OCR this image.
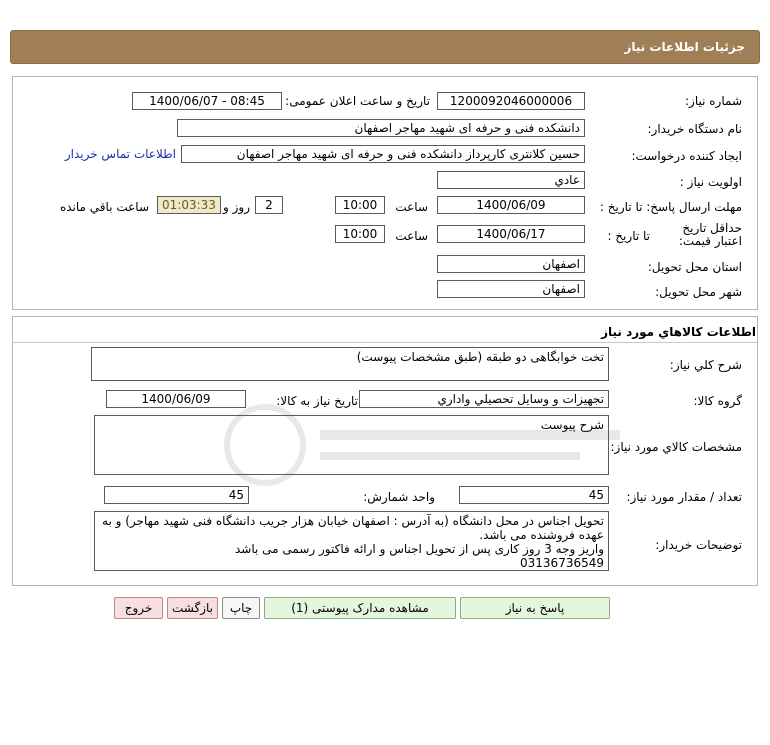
جزئیات اطلاعات نیاز
شماره نیاز:
1200092046000006
تاریخ و ساعت اعلان عمومی:
1400/06/07 - 08:45
نام دستگاه خریدار:
دانشکده فنی و حرفه ای شهید مهاجر اصفهان
ایجاد کننده درخواست:
حسین کلانتری کارپرداز دانشکده فنی و حرفه ای شهید مهاجر اصفهان
اطلاعات تماس خریدار
اولویت نیاز :
عادي
مهلت ارسال پاسخ: تا تاریخ :
1400/06/09
ساعت
10:00
2
روز و
01:03:33
ساعت باقي مانده
حداقل تاریخ اعتبار قیمت:
تا تاریخ :
1400/06/17
ساعت
10:00
استان محل تحویل:
اصفهان
شهر محل تحویل:
اصفهان
اطلاعات کالاهاي مورد نياز
شرح کلي نياز:
تخت خوابگاهی دو طبقه (طبق مشخصات پیوست)
گروه کالا:
تجهيزات و وسايل تحصيلي واداري
تاریخ نیاز به کالا:
1400/06/09
مشخصات کالاي مورد نياز:
شرح پیوست
تعداد / مقدار مورد نیاز:
45
واحد شمارش:
45
توضيحات خريدار:
تحویل اجناس در محل دانشگاه (به آدرس : اصفهان خیابان هزار جریب دانشگاه فنی شهید مهاجر) و به
عهده فروشنده می باشد.
واریز وجه 3 روز کاری پس از تحویل اجناس و ارائه فاکتور رسمی می باشد
03136736549
پاسخ به نیاز
مشاهده مدارک پیوستی (1)
چاپ
بازگشت
خروج
